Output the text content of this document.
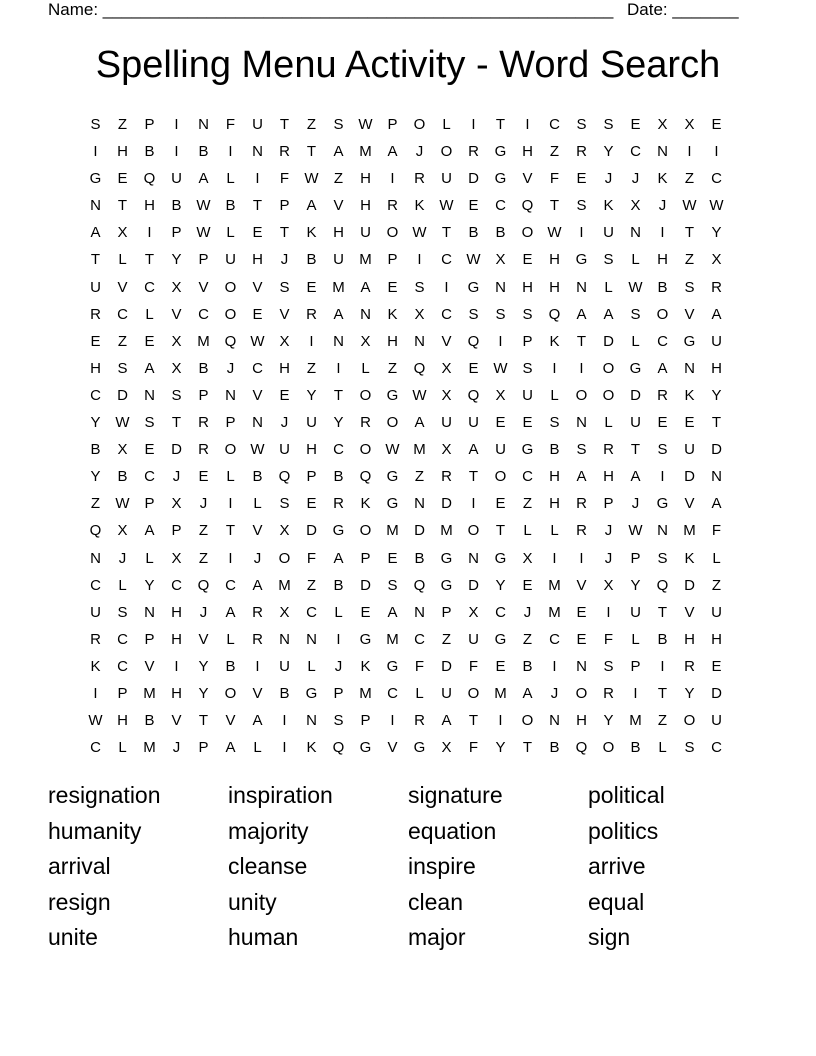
Name: ______________________________________________________ Date: _______
Spelling Menu Activity - Word Search
S	Z	P	I	N	F	U	T	Z	S W P	O	L	I	T	I	C	S	S	E	X	X	E
I	H	B	I	B	I	N	R	T	A	M	A	J	O	R	G	H	Z	R	Y	C	N	I	I
G	E	Q	U	A	L	I	F	W	Z	H	I	R	U	D	G	V	F	E	J	J	K	Z	C
N	T	H	B W B	T	P	A	V	H	R	K W E	C	Q	T	S	K	X	J	W W
A	X	I	P W	L	E	T	K	H	U	O W	T	B	B	O W	I	U	N	I	T	Y
T	L	T	Y	P	U	H	J	B	U	M	P	I	C W X	E	H	G	S	L	H	Z	X
U	V	C	X	V	O	V	S	E	M	A	E	S	I	G	N	H	H	N	L	W B	S	R
R	C	L	V	C	O	E	V	R	A	N	K	X	C	S	S	S	Q	A	A	S	O	V	A
E	Z	E	X	M Q W X	I	N	X	H	N	V	Q	I	P	K	T	D	L	C	G	U
H	S	A	X	B	J	C	H	Z	I	L	Z	Q	X	E W S	I	I	O	G	A	N	H
C	D	N	S	P	N	V	E	Y	T	O	G W X	Q	X	U	L	O	O	D	R	K	Y
Y W S	T	R	P	N	J	U	Y	R	O	A	U	U	E	E	S	N	L	U	E	E	T
B	X	E	D	R	O W U	H	C	O W M	X	A	U	G	B	S	R	T	S	U	D
Y	B	C	J	E	L	B	Q	P	B	Q	G	Z	R	T	O	C	H	A	H	A	I	D	N
Z	W P	X	J	I	L	S	E	R	K	G	N	D	I	E	Z	H	R	P	J	G	V	A
Q	X	A	P	Z	T	V	X	D	G	O M	D	M O	T	L	L	R	J	W N	M	F
N	J	L	X	Z	I	J	O	F	A	P	E	B	G	N	G	X	I	I	J	P	S	K	L
C	L	Y	C	Q	C	A	M	Z	B	D	S	Q	G	D	Y	E	M	V	X	Y	Q	D	Z
U	S	N	H	J	A	R	X	C	L	E	A	N	P	X	C	J	M	E	I	U	T	V	U
R	C	P	H	V	L	R	N	N	I	G M	C	Z	U	G	Z	C	E	F	L	B	H	H
K	C	V	I	Y	B	I	U	L	J	K	G	F	D	F	E	B	I	N	S	P	I	R	E
I	P	M	H	Y	O	V	B	G	P	M	C	L	U	O M	A	J	O	R	I	T	Y	D
W H	B	V	T	V	A	I	N	S	P	I	R	A	T	I	O	N	H	Y	M	Z	O	U
C	L	M	J	P	A	L	I	K	Q	G	V	G	X	F	Y	T	B	Q	O	B	L	S	C
resignation	inspiration	signature	political
humanity	majority	equation	politics
arrival	cleanse	inspire	arrive
resign	unity	clean	equal
unite	human	major	sign
